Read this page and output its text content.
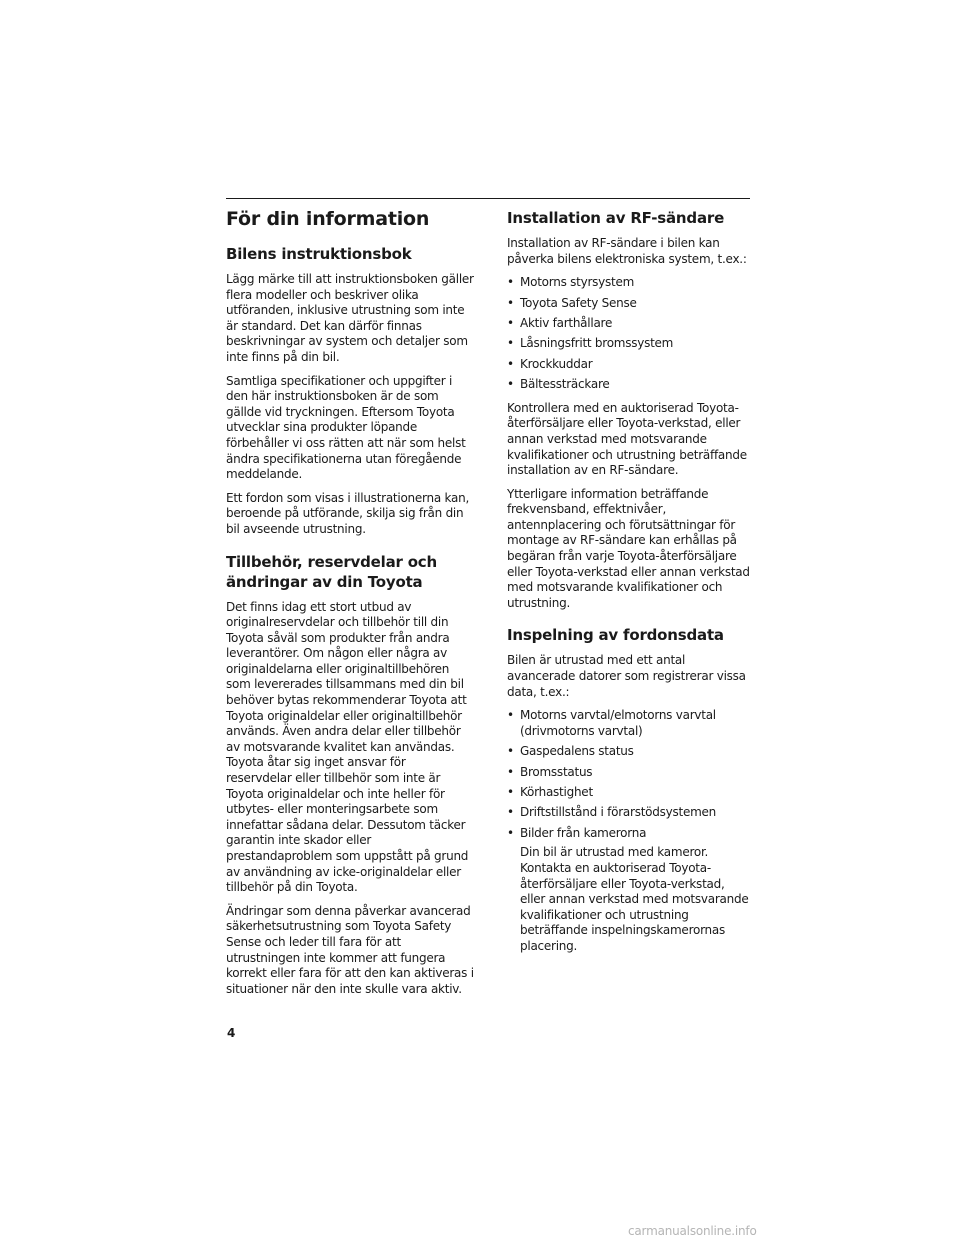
För din information
Bilens instruktionsbok

Lägg märke till att instruktionsboken gäller flera modeller och beskriver olika utföranden, inklusive utrustning som inte är standard. Det kan därför finnas beskrivningar av system och detaljer som inte finns på din bil.

Samtliga specifikationer och uppgifter i den här instruktionsboken är de som gällde vid tryckningen. Eftersom Toyota utvecklar sina produkter löpande förbehåller vi oss rätten att när som helst ändra specifikationerna utan föregående meddelande.

Ett fordon som visas i illustrationerna kan, beroende på utförande, skilja sig från din bil avseende utrustning.

Tillbehör, reservdelar och ändringar av din Toyota

Det finns idag ett stort utbud av originalreservdelar och tillbehör till din Toyota såväl som produkter från andra leverantörer. Om någon eller några av originaldelarna eller originaltillbehören som levererades tillsammans med din bil behöver bytas rekommenderar Toyota att Toyota originaldelar eller originaltillbehör används. Även andra delar eller tillbehör av motsvarande kvalitet kan användas. Toyota åtar sig inget ansvar för reservdelar eller tillbehör som inte är Toyota originaldelar och inte heller för utbytes- eller monteringsarbete som innefattar sådana delar. Dessutom täcker garantin inte skador eller prestandaproblem som uppstått på grund av användning av icke-originaldelar eller tillbehör på din Toyota.

Ändringar som denna påverkar avancerad säkerhetsutrustning som Toyota Safety Sense och leder till fara för att utrustningen inte kommer att fungera korrekt eller fara för att den kan aktiveras i situationer när den inte skulle vara aktiv.

Installation av RF-sändare

Installation av RF-sändare i bilen kan påverka bilens elektroniska system, t.ex.:

• Motorns styrsystem
• Toyota Safety Sense
• Aktiv farthållare
• Låsningsfritt bromssystem
• Krockkuddar
• Bältessträckare

Kontrollera med en auktoriserad Toyota-återförsäljare eller Toyota-verkstad, eller annan verkstad med motsvarande kvalifikationer och utrustning beträffande installation av en RF-sändare.

Ytterligare information beträffande frekvensband, effektnivåer, antennplacering och förutsättningar för montage av RF-sändare kan erhållas på begäran från varje Toyota-återförsäljare eller Toyota-verkstad eller annan verkstad med motsvarande kvalifikationer och utrustning.

Inspelning av fordonsdata

Bilen är utrustad med ett antal avancerade datorer som registrerar vissa data, t.ex.:

• Motorns varvtal/elmotorns varvtal (drivmotorns varvtal)
• Gaspedalens status
• Bromsstatus
• Körhastighet
• Driftstillstånd i förarstödsystemen
• Bilder från kamerorna
Din bil är utrustad med kameror. Kontakta en auktoriserad Toyota-återförsäljare eller Toyota-verkstad, eller annan verkstad med motsvarande kvalifikationer och utrustning beträffande inspelningskamerornas placering.
4
carmanualsonline.info
